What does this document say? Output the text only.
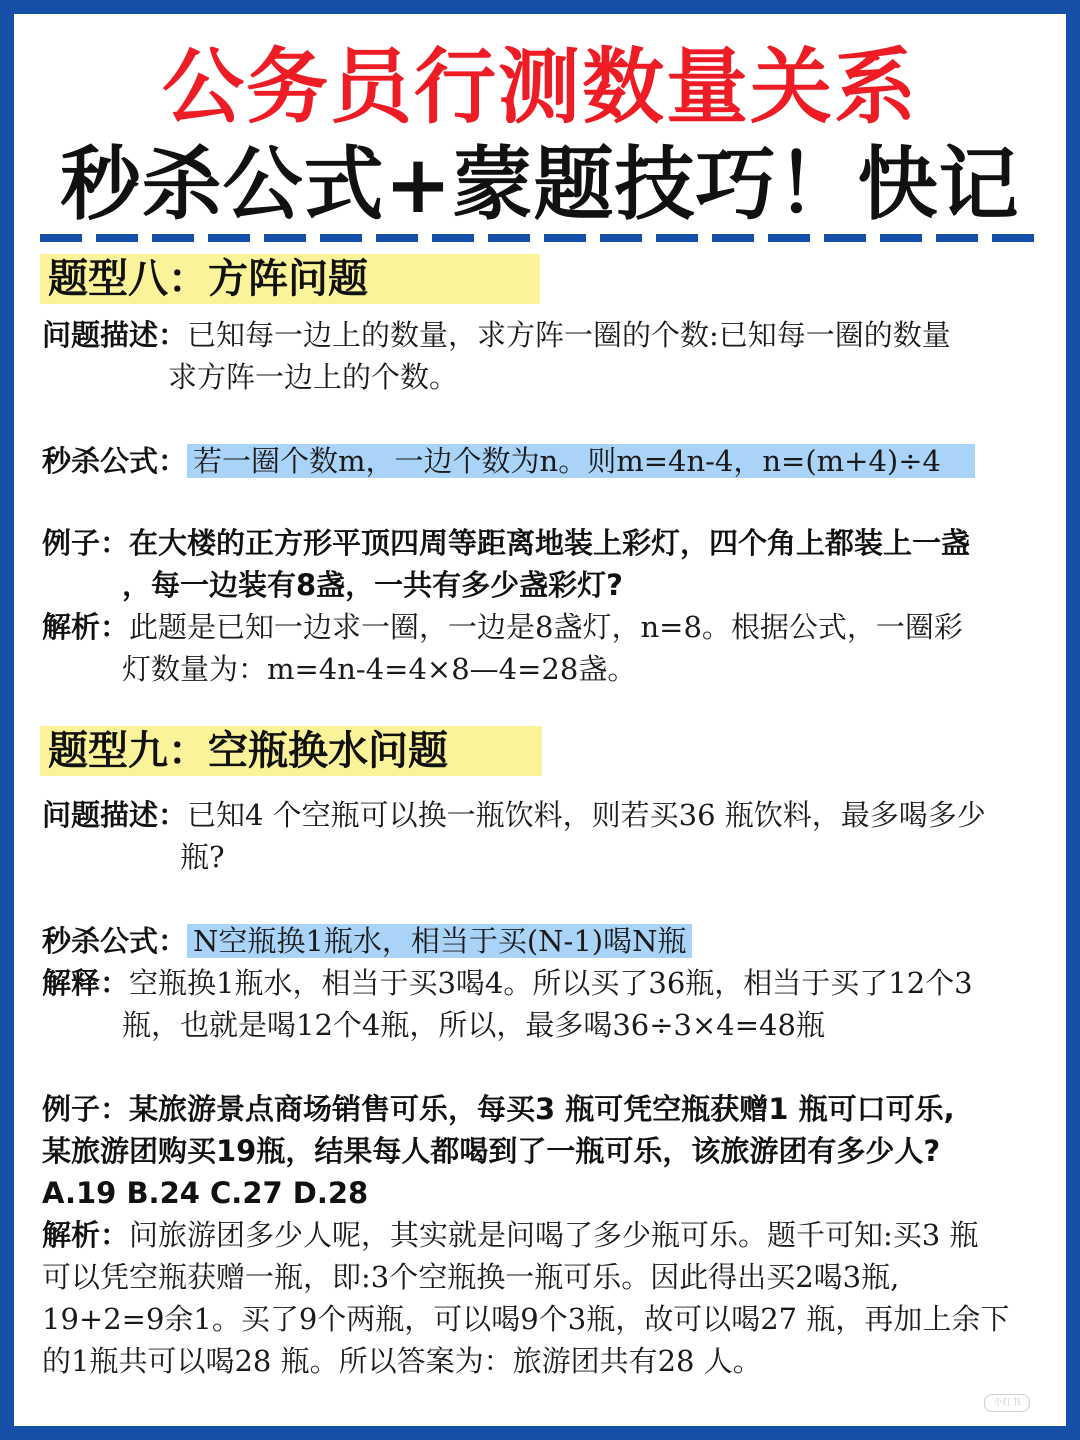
公务员行测数量关系
秒杀公式+蒙题技巧！快记
题型八：方阵问题
问题描述：已知每一边上的数量，求方阵一圈的个数:已知每一圈的数量
求方阵一边上的个数。
秒杀公式： 若一圈个数m，一边个数为n。则m=4n-4，n=(m+4)÷4
例子：在大楼的正方形平顶四周等距离地装上彩灯，四个角上都装上一盏
，每一边装有8盏，一共有多少盏彩灯?
解析：此题是已知一边求一圈，一边是8盏灯，n=8。根据公式，一圈彩
灯数量为：m=4n-4=4×8—4=28盏。
题型九：空瓶换水问题
问题描述：已知4 个空瓶可以换一瓶饮料，则若买36 瓶饮料，最多喝多少
瓶?
秒杀公式： N空瓶换1瓶水，相当于买(N-1)喝N瓶
解释：空瓶换1瓶水，相当于买3喝4。所以买了36瓶，相当于买了12个3
瓶，也就是喝12个4瓶，所以，最多喝36÷3×4=48瓶
例子：某旅游景点商场销售可乐，每买3 瓶可凭空瓶获赠1 瓶可口可乐,
某旅游团购买19瓶，结果每人都喝到了一瓶可乐，该旅游团有多少人?
A.19 B.24 C.27 D.28
解析：问旅游团多少人呢，其实就是问喝了多少瓶可乐。题千可知:买3 瓶
可以凭空瓶获赠一瓶，即:3个空瓶换一瓶可乐。因此得出买2喝3瓶,
19+2=9余1。买了9个两瓶，可以喝9个3瓶，故可以喝27 瓶，再加上余下
的1瓶共可以喝28 瓶。所以答案为：旅游团共有28 人。
小红书
